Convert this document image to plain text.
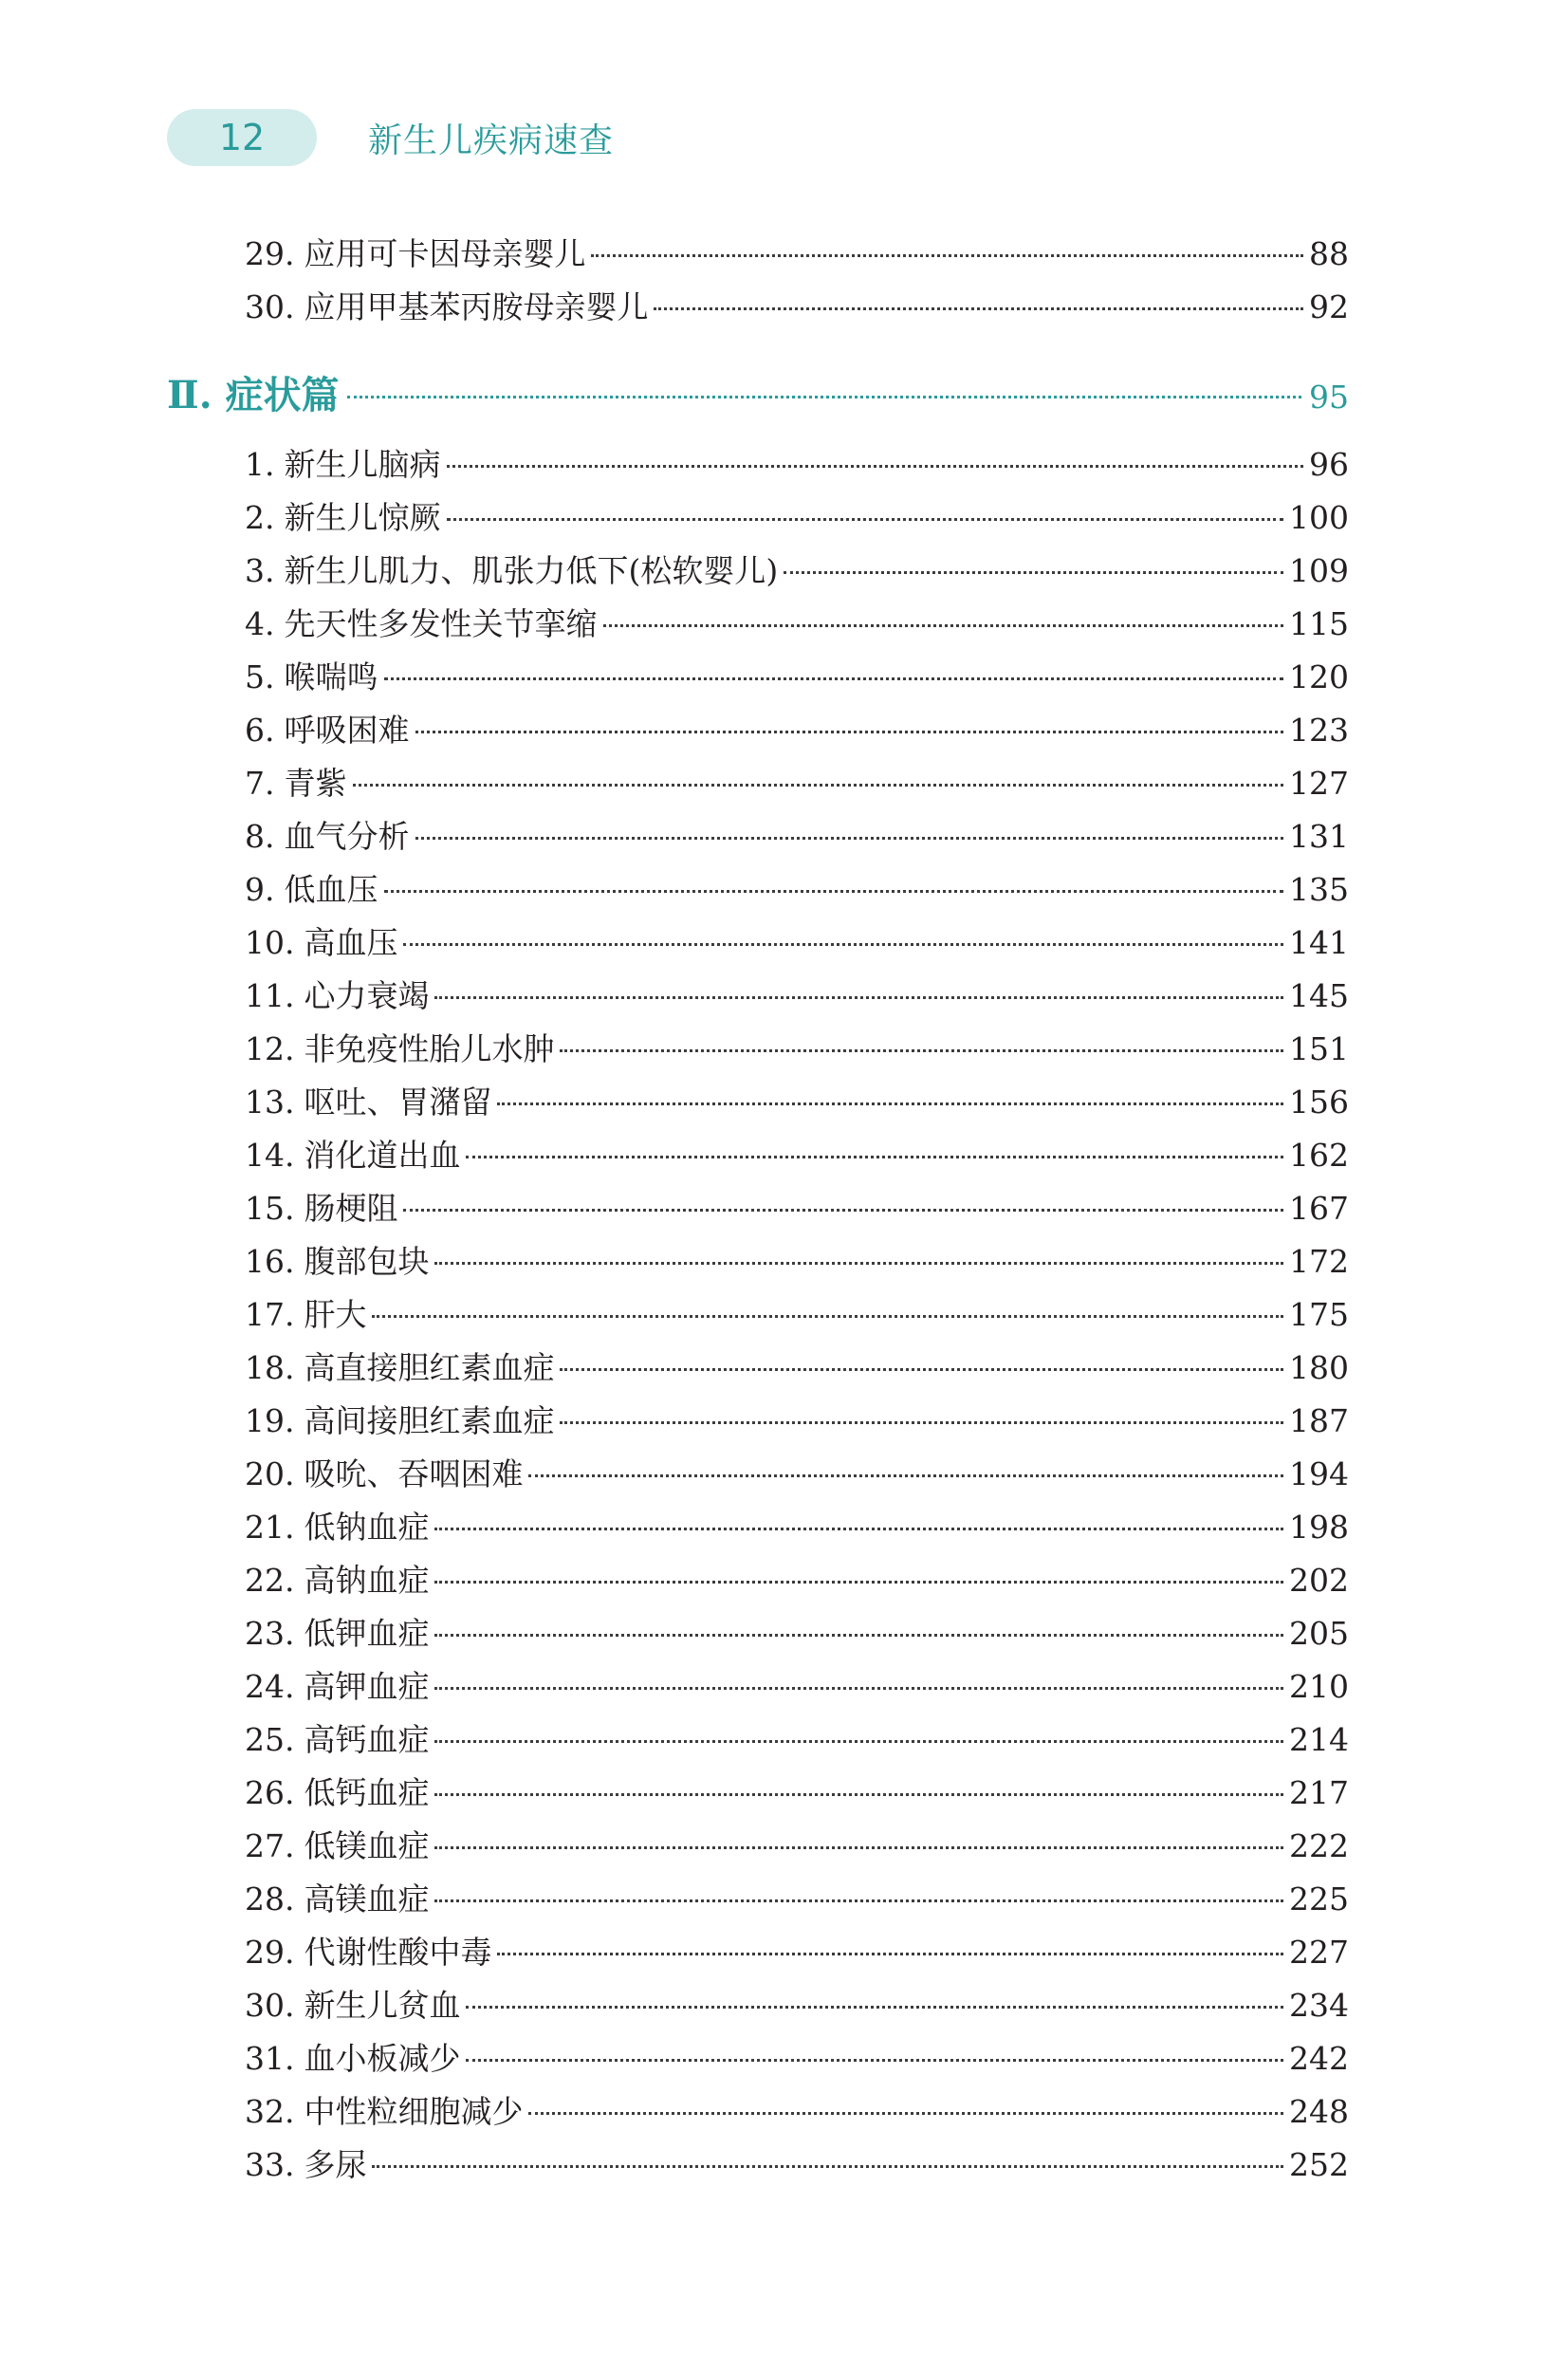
12	新生儿疾病速查
29. 应用可卡因母亲婴儿	88
30. 应用甲基苯丙胺母亲婴儿	92
Ⅱ. 症状篇	95
1. 新生儿脑病	96
2. 新生儿惊厥	100
3. 新生儿肌力、肌张力低下(松软婴儿)	109
4. 先天性多发性关节挛缩	115
5. 喉喘鸣	120
6. 呼吸困难	123
7. 青紫	127
8. 血气分析	131
9. 低血压	135
10. 高血压	141
11. 心力衰竭	145
12. 非免疫性胎儿水肿	151
13. 呕吐、胃潴留	156
14. 消化道出血	162
15. 肠梗阻	167
16. 腹部包块	172
17. 肝大	175
18. 高直接胆红素血症	180
19. 高间接胆红素血症	187
20. 吸吮、吞咽困难	194
21. 低钠血症	198
22. 高钠血症	202
23. 低钾血症	205
24. 高钾血症	210
25. 高钙血症	214
26. 低钙血症	217
27. 低镁血症	222
28. 高镁血症	225
29. 代谢性酸中毒	227
30. 新生儿贫血	234
31. 血小板减少	242
32. 中性粒细胞减少	248
33. 多尿	252
